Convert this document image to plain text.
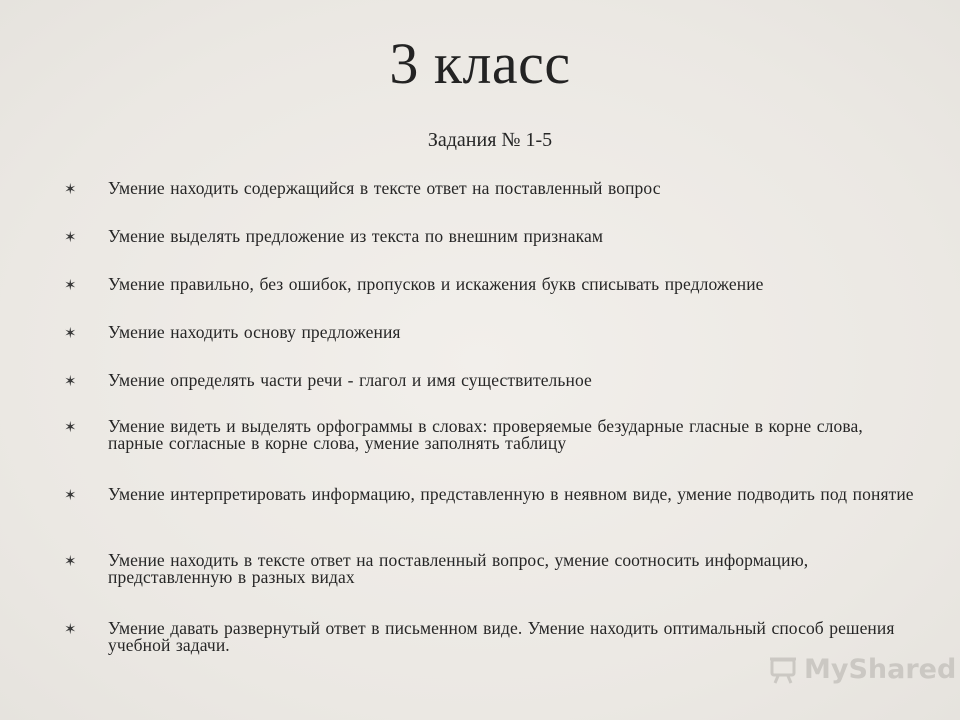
3 класс
Задания № 1-5
✶	Умение находить содержащийся в тексте ответ на поставленный вопрос
✶	Умение выделять предложение из текста по внешним признакам
✶	Умение правильно, без ошибок, пропусков и искажения букв списывать предложение
✶	Умение находить основу предложения
✶	Умение определять части речи - глагол и имя существительное
✶	Умение видеть и выделять орфограммы в словах: проверяемые безударные гласные в корне слова, парные согласные в корне слова, умение заполнять таблицу
✶	Умение интерпретировать информацию, представленную в неявном виде, умение подводить под понятие
✶	Умение находить в тексте ответ на поставленный вопрос, умение соотносить информацию, представленную в разных видах
✶	Умение давать развернутый ответ в письменном виде. Умение находить оптимальный способ решения учебной задачи.
MyShared
